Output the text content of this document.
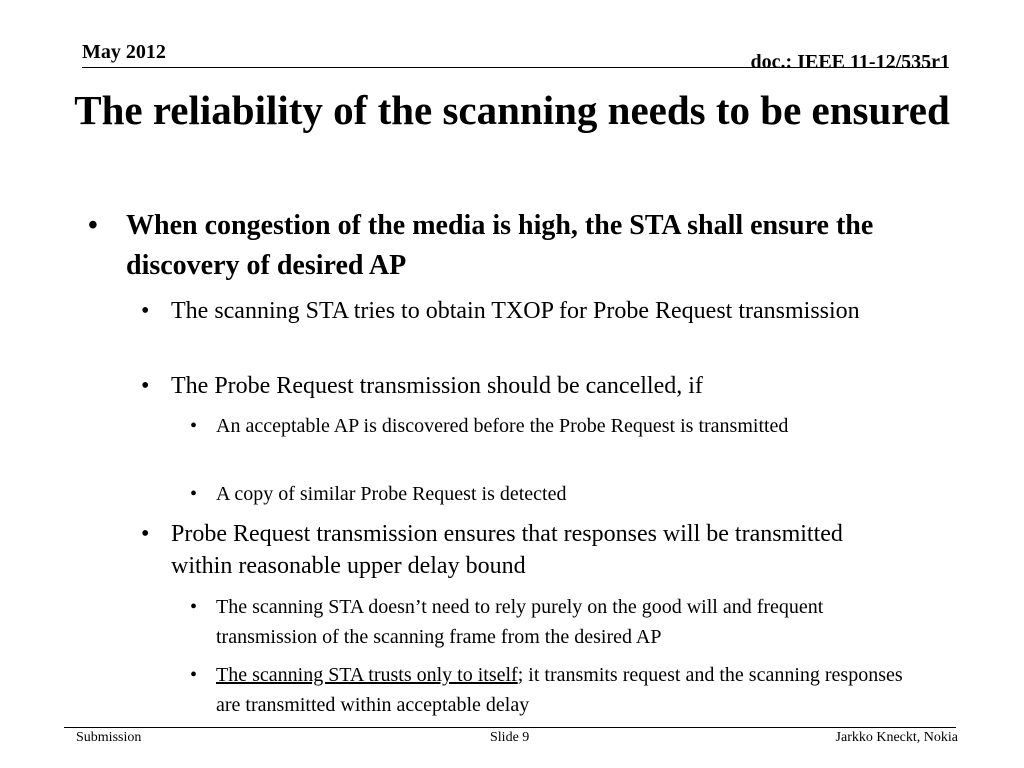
May 2012	doc.: IEEE 11-12/535r1
The reliability of the scanning needs to be ensured
• When congestion of the media is high, the STA shall ensure the discovery of desired AP
• The scanning STA tries to obtain TXOP for Probe Request transmission
• The Probe Request transmission should be cancelled, if
• An acceptable AP is discovered before the Probe Request is transmitted
• A copy of similar Probe Request is detected
• Probe Request transmission ensures that responses will be transmitted within reasonable upper delay bound
• The scanning STA doesn’t need to rely purely on the good will and frequent transmission of the scanning frame from the desired AP
• The scanning STA trusts only to itself; it transmits request and the scanning responses are transmitted within acceptable delay
Submission	Slide 9	Jarkko Kneckt, Nokia
